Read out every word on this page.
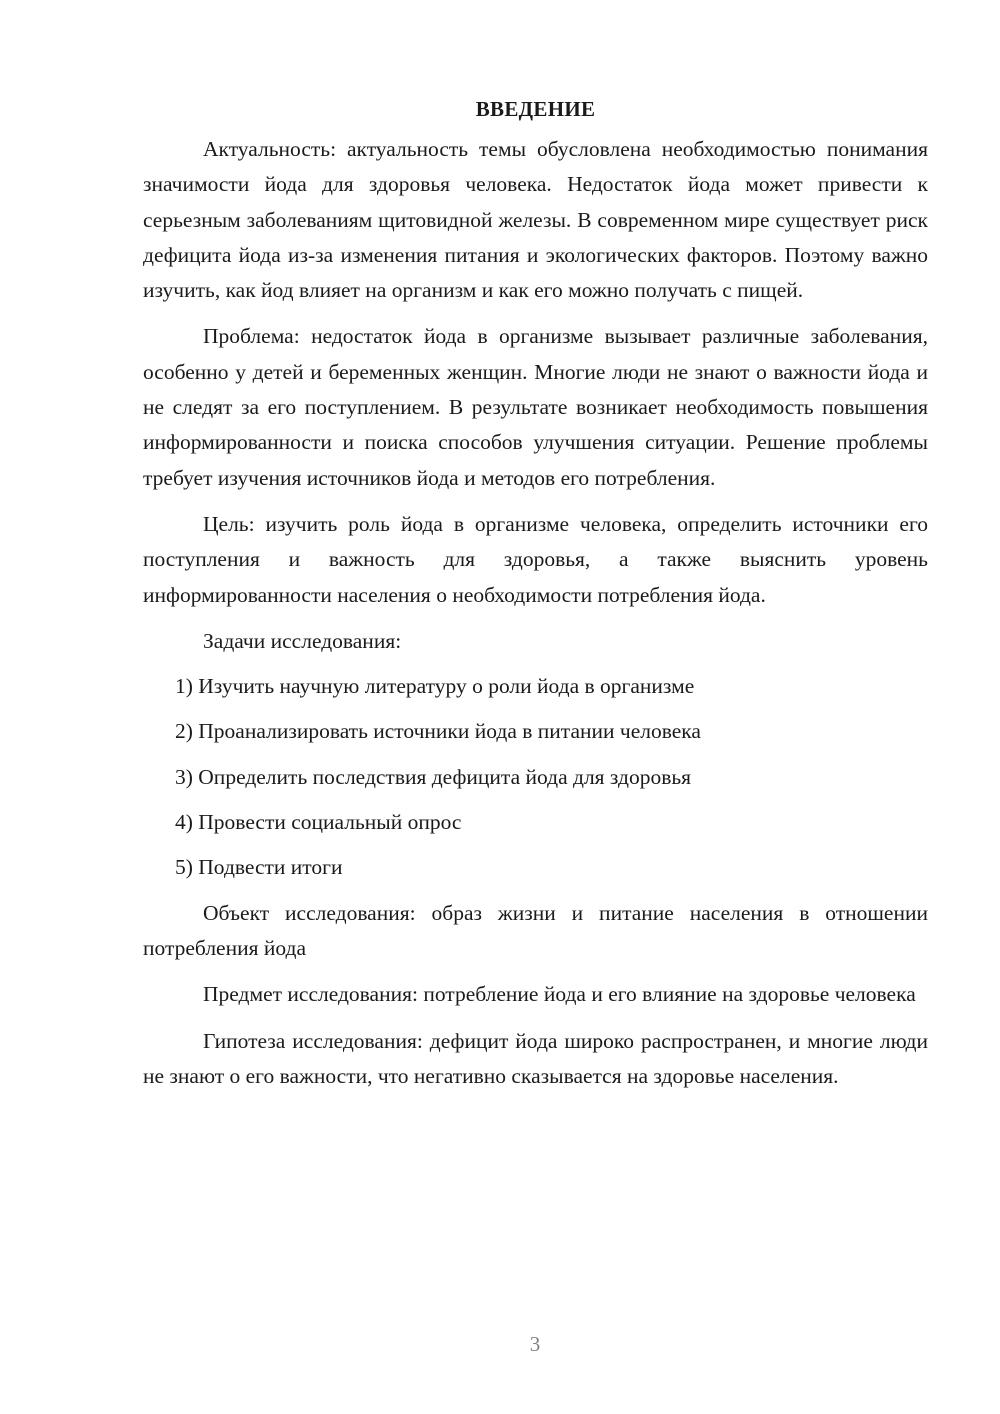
ВВЕДЕНИЕ

Актуальность: актуальность темы обусловлена необходимостью понимания значимости йода для здоровья человека. Недостаток йода может привести к серьезным заболеваниям щитовидной железы. В современном мире существует риск дефицита йода из-за изменения питания и экологических факторов. Поэтому важно изучить, как йод влияет на организм и как его можно получать с пищей.

Проблема: недостаток йода в организме вызывает различные заболевания, особенно у детей и беременных женщин. Многие люди не знают о важности йода и не следят за его поступлением. В результате возникает необходимость повышения информированности и поиска способов улучшения ситуации. Решение проблемы требует изучения источников йода и методов его потребления.

Цель: изучить роль йода в организме человека, определить источники его поступления и важность для здоровья, а также выяснить уровень информированности населения о необходимости потребления йода.

Задачи исследования:

1) Изучить научную литературу о роли йода в организме
2) Проанализировать источники йода в питании человека
3) Определить последствия дефицита йода для здоровья
4) Провести социальный опрос
5) Подвести итоги

Объект исследования: образ жизни и питание населения в отношении потребления йода

Предмет исследования: потребление йода и его влияние на здоровье человека

Гипотеза исследования: дефицит йода широко распространен, и многие люди не знают о его важности, что негативно сказывается на здоровье населения.

3
